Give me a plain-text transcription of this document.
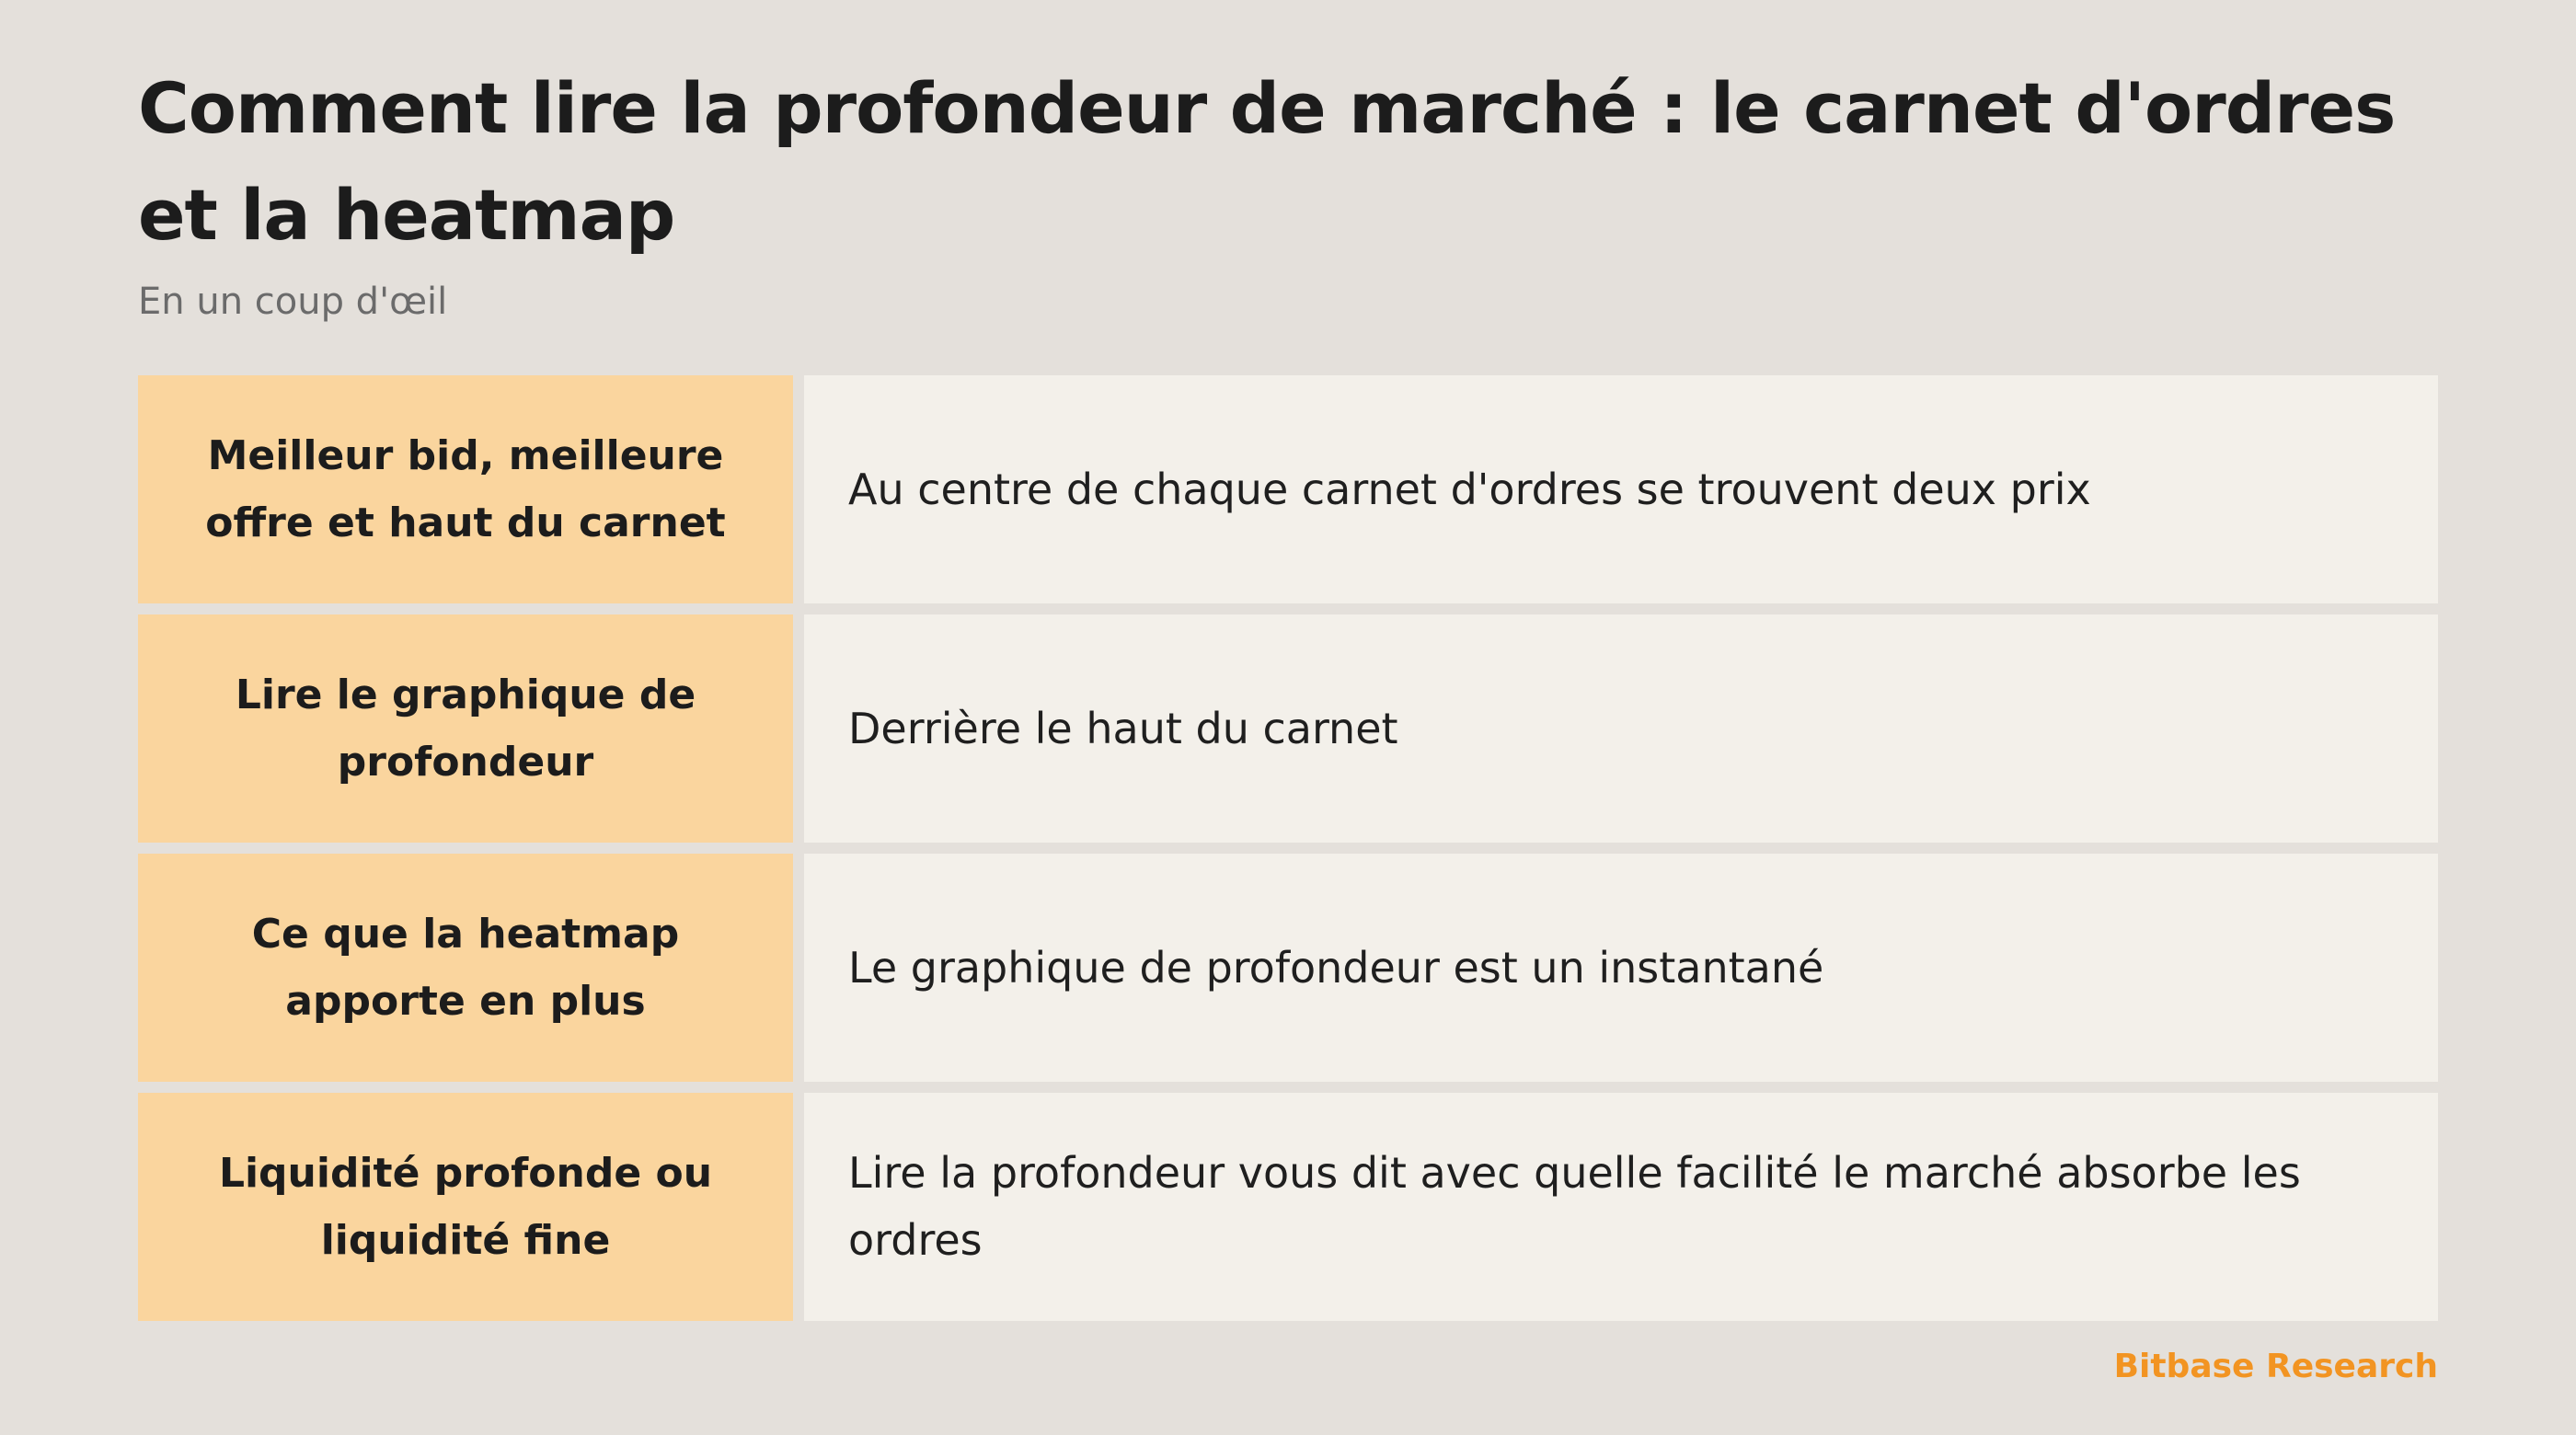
Comment lire la profondeur de marché : le carnet d'ordres et la heatmap
En un coup d'œil
Meilleur bid, meilleure offre et haut du carnet
Au centre de chaque carnet d'ordres se trouvent deux prix
Lire le graphique de profondeur
Derrière le haut du carnet
Ce que la heatmap apporte en plus
Le graphique de profondeur est un instantané
Liquidité profonde ou liquidité fine
Lire la profondeur vous dit avec quelle facilité le marché absorbe les ordres
Bitbase Research
